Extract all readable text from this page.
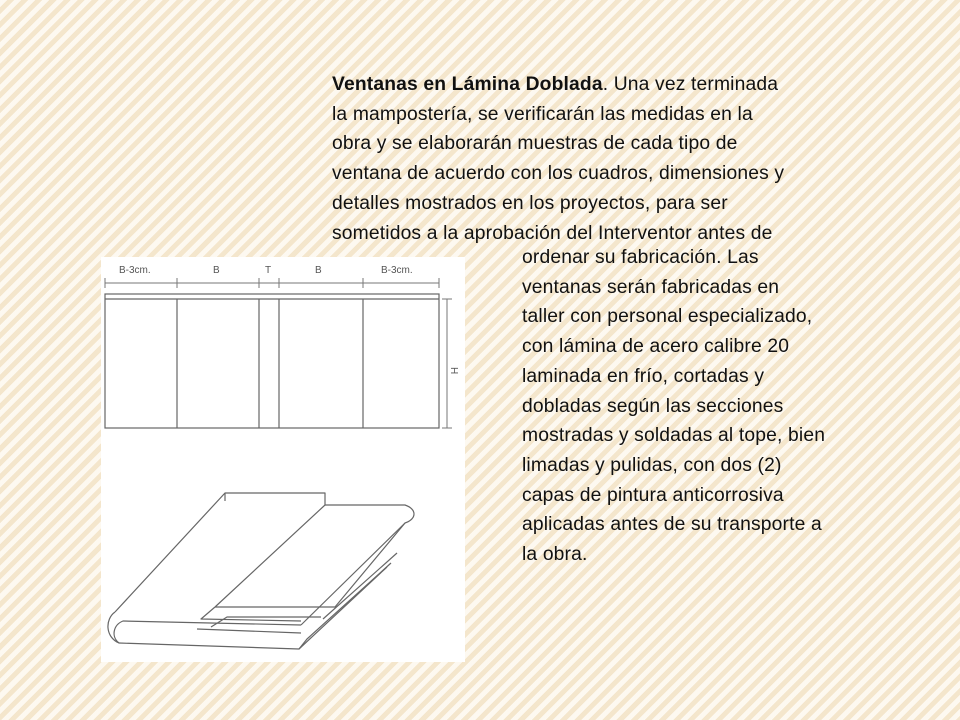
Ventanas en Lámina Doblada. Una vez terminada
la mampostería, se verificarán las medidas en la
obra y se elaborarán muestras de cada tipo de
ventana de acuerdo con los cuadros, dimensiones y
detalles mostrados en los proyectos, para ser
sometidos a la aprobación del Interventor antes de
ordenar su fabricación. Las
ventanas serán fabricadas en
taller con personal especializado,
con lámina de acero calibre 20
laminada en frío, cortadas y
dobladas según las secciones
mostradas y soldadas al tope, bien
limadas y pulidas, con dos (2)
capas de pintura anticorrosiva
aplicadas antes de su transporte a
la obra.
B-3cm.	B	T	B	B-3cm.
H
